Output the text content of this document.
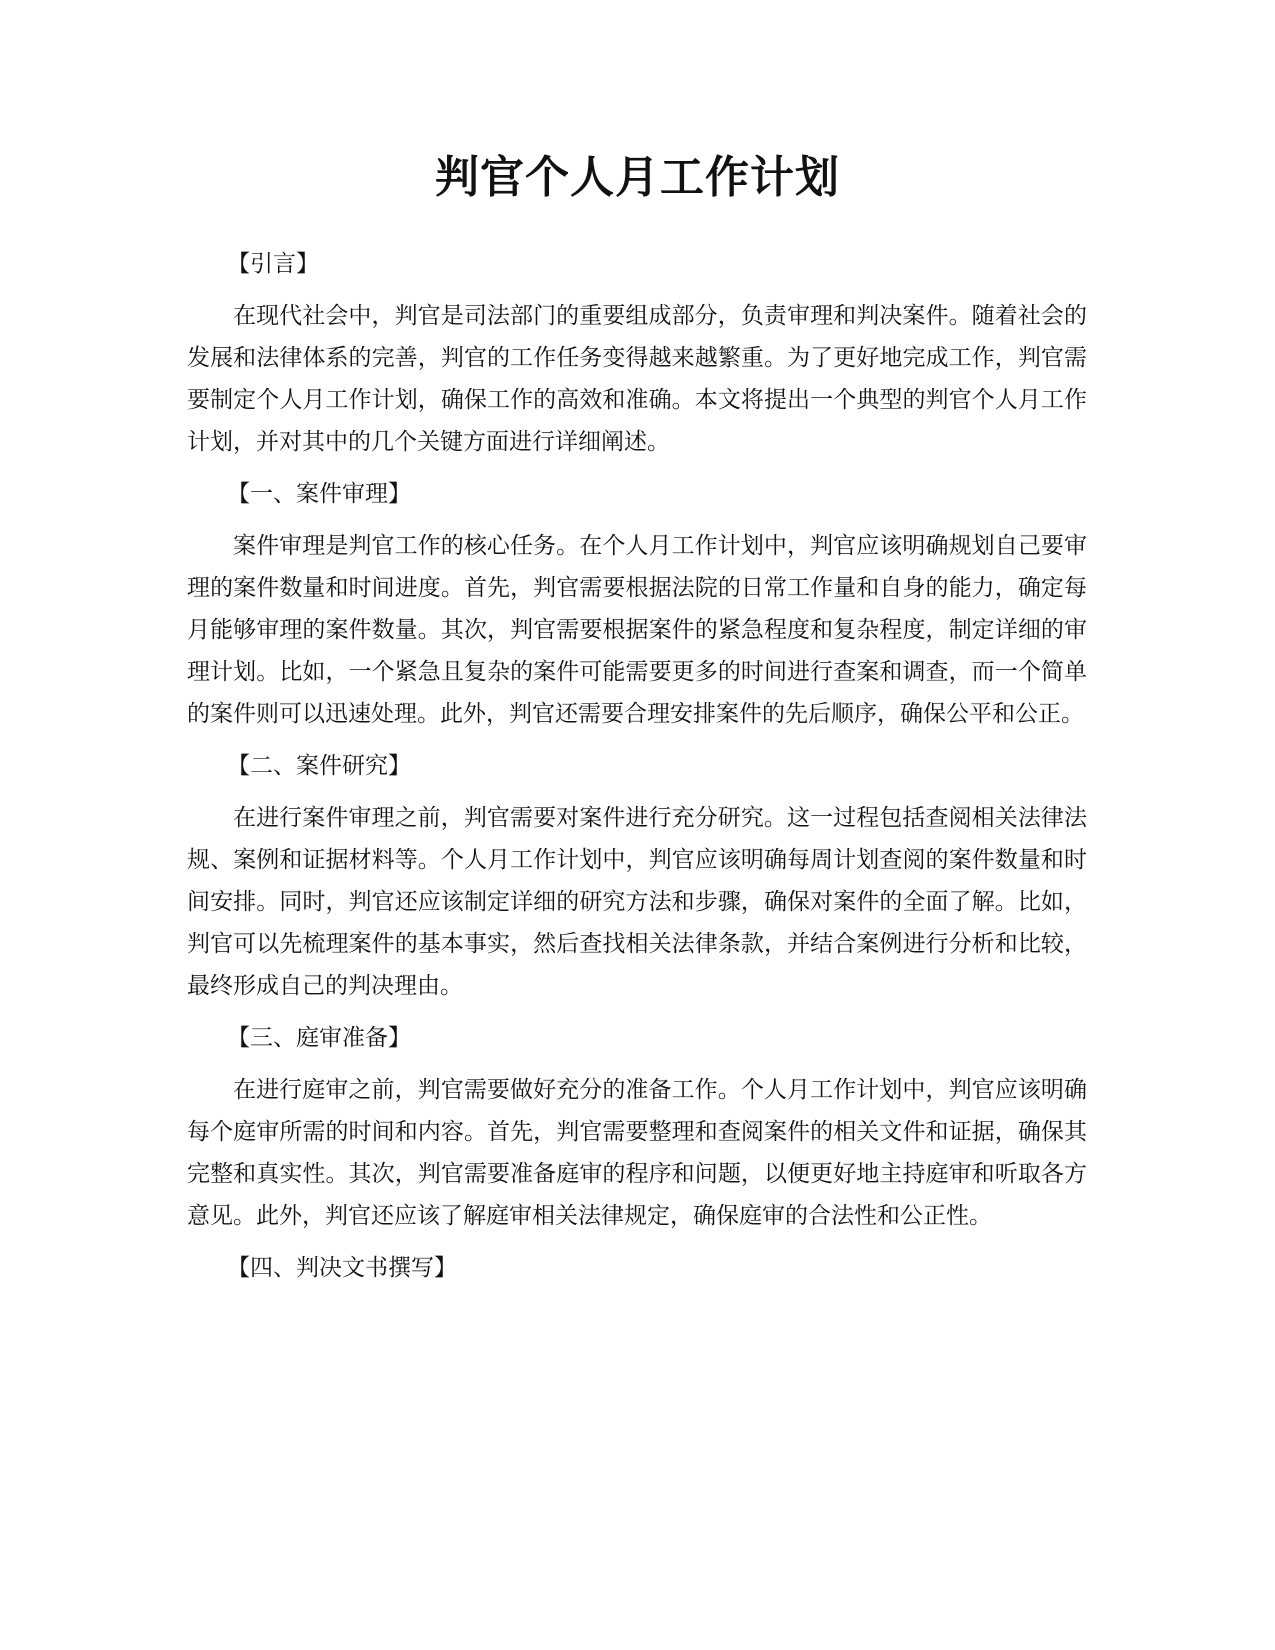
判官个人月工作计划

【引言】

在现代社会中，判官是司法部门的重要组成部分，负责审理和判决案件。随着社会的发展和法律体系的完善，判官的工作任务变得越来越繁重。为了更好地完成工作，判官需要制定个人月工作计划，确保工作的高效和准确。本文将提出一个典型的判官个人月工作计划，并对其中的几个关键方面进行详细阐述。

【一、案件审理】

案件审理是判官工作的核心任务。在个人月工作计划中，判官应该明确规划自己要审理的案件数量和时间进度。首先，判官需要根据法院的日常工作量和自身的能力，确定每月能够审理的案件数量。其次，判官需要根据案件的紧急程度和复杂程度，制定详细的审理计划。比如，一个紧急且复杂的案件可能需要更多的时间进行查案和调查，而一个简单的案件则可以迅速处理。此外，判官还需要合理安排案件的先后顺序，确保公平和公正。

【二、案件研究】

在进行案件审理之前，判官需要对案件进行充分研究。这一过程包括查阅相关法律法规、案例和证据材料等。个人月工作计划中，判官应该明确每周计划查阅的案件数量和时间安排。同时，判官还应该制定详细的研究方法和步骤，确保对案件的全面了解。比如，判官可以先梳理案件的基本事实，然后查找相关法律条款，并结合案例进行分析和比较，最终形成自己的判决理由。

【三、庭审准备】

在进行庭审之前，判官需要做好充分的准备工作。个人月工作计划中，判官应该明确每个庭审所需的时间和内容。首先，判官需要整理和查阅案件的相关文件和证据，确保其完整和真实性。其次，判官需要准备庭审的程序和问题，以便更好地主持庭审和听取各方意见。此外，判官还应该了解庭审相关法律规定，确保庭审的合法性和公正性。

【四、判决文书撰写】
